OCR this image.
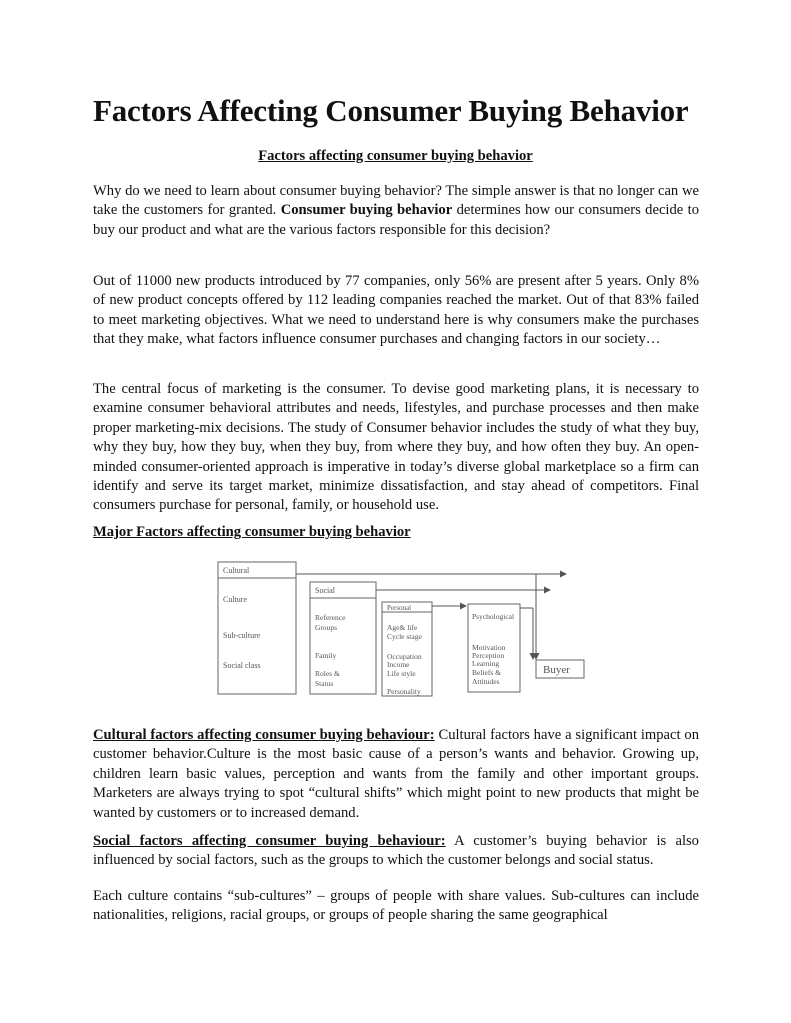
Factors Affecting Consumer Buying Behavior
Factors affecting consumer buying behavior

Why do we need to learn about consumer buying behavior? The simple answer is that no longer can we take the customers for granted. Consumer buying behavior determines how our consumers decide to buy our product and what are the various factors responsible for this decision?

Out of 11000 new products introduced by 77 companies, only 56% are present after 5 years. Only 8% of new product concepts offered by 112 leading companies reached the market. Out of that 83% failed to meet marketing objectives. What we need to understand here is why consumers make the purchases that they make, what factors influence consumer purchases and changing factors in our society…

The central focus of marketing is the consumer. To devise good marketing plans, it is necessary to examine consumer behavioral attributes and needs, lifestyles, and purchase processes and then make proper marketing-mix decisions. The study of Consumer behavior includes the study of what they buy, why they buy, how they buy, when they buy, from where they buy, and how often they buy. An open-minded consumer-oriented approach is imperative in today’s diverse global marketplace so a firm can identify and serve its target market, minimize dissatisfaction, and stay ahead of competitors. Final consumers purchase for personal, family, or household use.

Major Factors affecting consumer buying behavior
Cultural
Culture
Sub-culture
Social class
Social
Reference
Groups
Family
Roles &
Status
Personal
Age& life
Cycle stage
Occupation
Income
Life style
Personality
Psychological
Motivation
Perception
Learning
Beliefs &
Attitudes
Buyer

Cultural factors affecting consumer buying behaviour: Cultural factors have a significant impact on customer behavior.Culture is the most basic cause of a person’s wants and behavior. Growing up, children learn basic values, perception and wants from the family and other important groups. Marketers are always trying to spot “cultural shifts” which might point to new products that might be wanted by customers or to increased demand.

Social factors affecting consumer buying behaviour: A customer’s buying behavior is also influenced by social factors, such as the groups to which the customer belongs and social status.

Each culture contains “sub-cultures” – groups of people with share values. Sub-cultures can include nationalities, religions, racial groups, or groups of people sharing the same geographical
